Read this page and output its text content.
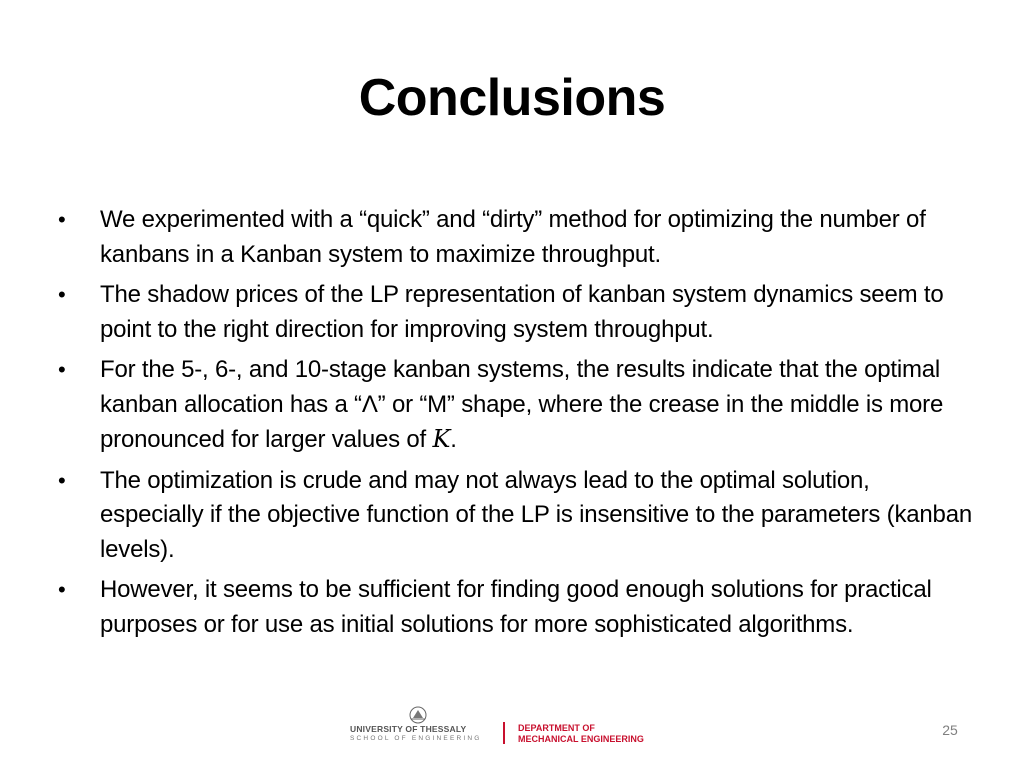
Conclusions
•	We experimented with a “quick” and “dirty” method for optimizing the number of kanbans in a Kanban system to maximize throughput.
•	The shadow prices of the LP representation of kanban system dynamics seem to point to the right direction for improving system throughput.
•	For the 5-, 6-, and 10-stage kanban systems, the results indicate that the optimal kanban allocation has a “Λ” or “M” shape, where the crease in the middle is more pronounced for larger values of K.
•	The optimization is crude and may not always lead to the optimal solution, especially if the objective function of the LP is insensitive to the parameters (kanban levels).
•	However, it seems to be sufficient for finding good enough solutions for practical purposes or for use as initial solutions for more sophisticated algorithms.
UNIVERSITY OF THESSALY
SCHOOL OF ENGINEERING
DEPARTMENT OF
MECHANICAL ENGINEERING
25
